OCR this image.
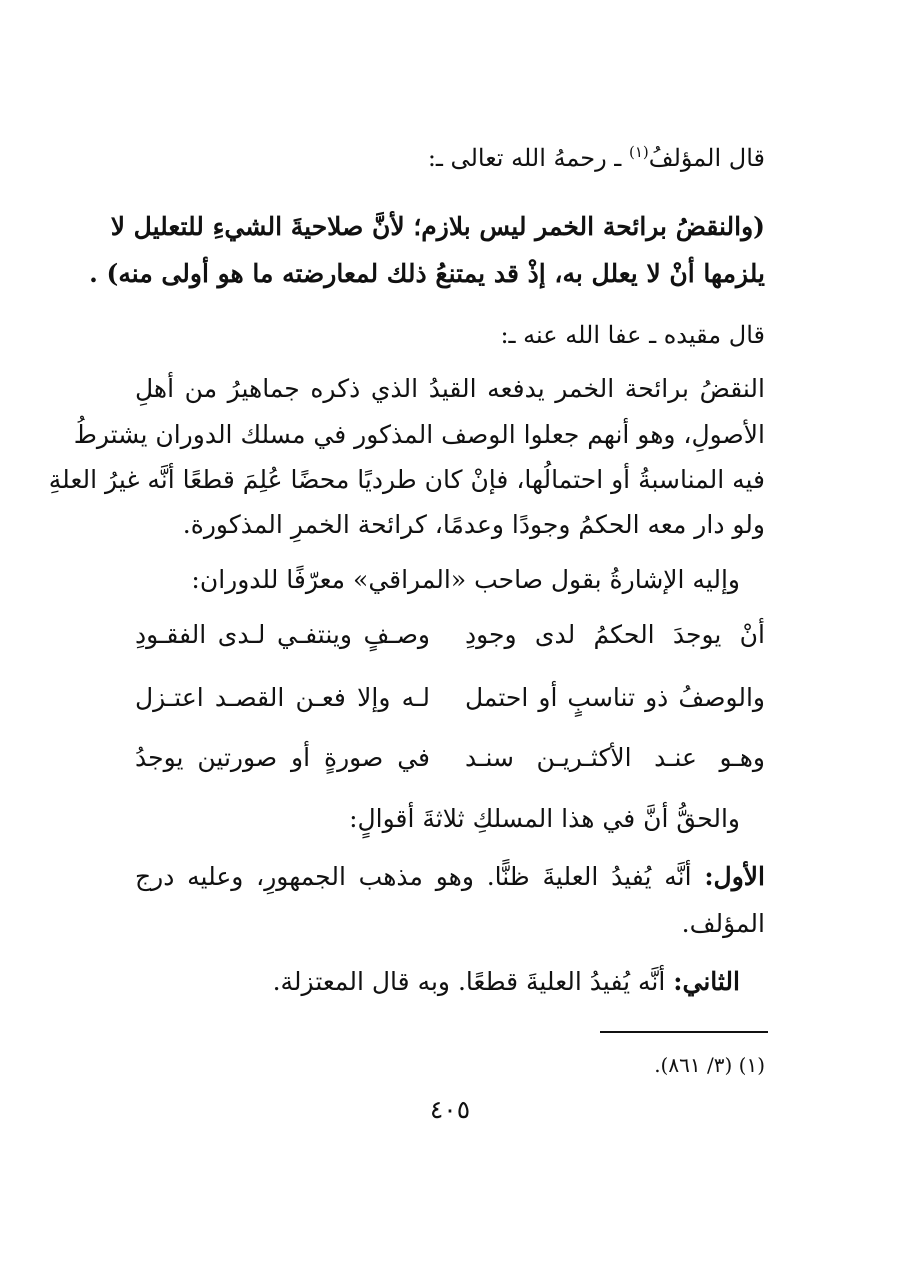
قال المؤلفُ$^{(١)}$ ـ رحمهُ الله تعالى ـ:
(والنقضُ برائحة الخمر ليس بلازم؛ لأنَّ صلاحيةَ الشيءِ للتعليل لا
يلزمها أنْ لا يعلل به، إذْ قد يمتنعُ ذلك لمعارضته ما هو أولى منه) .
قال مقيده ـ عفا الله عنه ـ:
النقضُ برائحة الخمر يدفعه القيدُ الذي ذكره جماهيرُ من أهلِ
الأصولِ، وهو أنهم جعلوا الوصف المذكور في مسلك الدوران يشترطُ
فيه المناسبةُ أو احتمالُها، فإنْ كان طرديًا محضًا عُلِمَ قطعًا أنَّه غيرُ العلةِ
ولو دار معه الحكمُ وجودًا وعدمًا، كرائحة الخمرِ المذكورة.
وإليه الإشارةُ بقول صاحب «المراقي» معرّفًا للدوران:
أنْ يوجدَ الحكمُ لدى وجودِ
وصـفٍ وينتفـي لـدى الفقـودِ
والوصفُ ذو تناسبٍ أو احتمل
لـه وإلا فعـن القصـد اعتـزل
وهـو عنـد الأكثـريـن سنـد
في صورةٍ أو صورتين يوجدُ
والحقُّ أنَّ في هذا المسلكِ ثلاثةَ أقوالٍ:
الأول: أنَّه يُفيدُ العليةَ ظنًّا. وهو مذهب الجمهورِ، وعليه درج
المؤلف.
الثاني: أنَّه يُفيدُ العليةَ قطعًا. وبه قال المعتزلة.
(١) (٣/ ٨٦١).
٤٠٥
